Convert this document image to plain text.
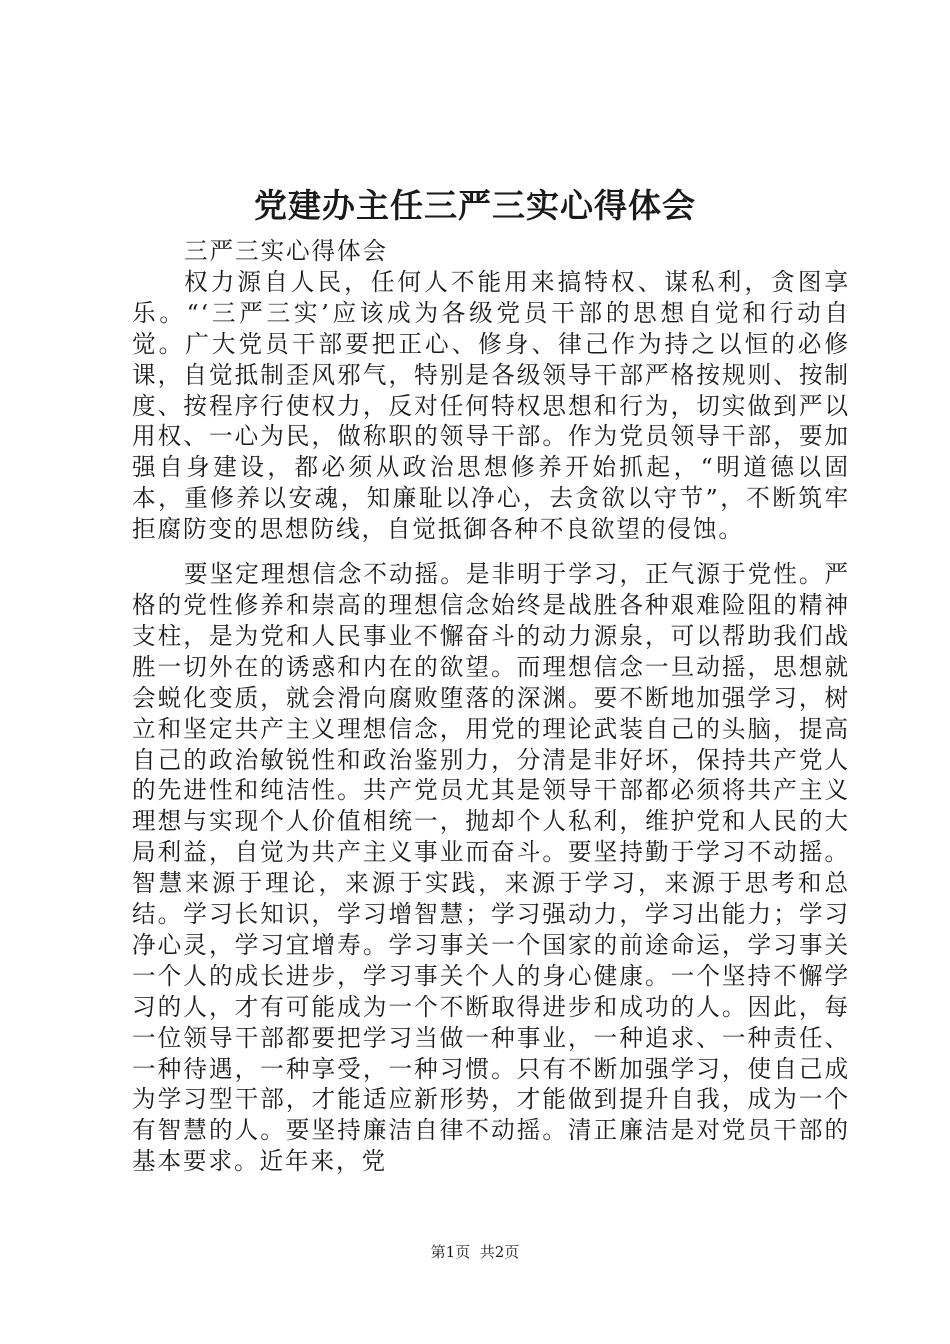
党建办主任三严三实心得体会

三严三实心得体会

权力源自人民，任何人不能用来搞特权、谋私利，贪图享乐。“‘三严三实’应该成为各级党员干部的思想自觉和行动自觉。广大党员干部要把正心、修身、律己作为持之以恒的必修课，自觉抵制歪风邪气，特别是各级领导干部严格按规则、按制度、按程序行使权力，反对任何特权思想和行为，切实做到严以用权、一心为民，做称职的领导干部。作为党员领导干部，要加强自身建设，都必须从政治思想修养开始抓起，“明道德以固本，重修养以安魂，知廉耻以净心，去贪欲以守节”，不断筑牢拒腐防变的思想防线，自觉抵御各种不良欲望的侵蚀。

要坚定理想信念不动摇。是非明于学习，正气源于党性。严格的党性修养和崇高的理想信念始终是战胜各种艰难险阻的精神支柱，是为党和人民事业不懈奋斗的动力源泉，可以帮助我们战胜一切外在的诱惑和内在的欲望。而理想信念一旦动摇，思想就会蜕化变质，就会滑向腐败堕落的深渊。要不断地加强学习，树立和坚定共产主义理想信念，用党的理论武装自己的头脑，提高自己的政治敏锐性和政治鉴别力，分清是非好坏，保持共产党人的先进性和纯洁性。共产党员尤其是领导干部都必须将共产主义理想与实现个人价值相统一，抛却个人私利，维护党和人民的大局利益，自觉为共产主义事业而奋斗。要坚持勤于学习不动摇。智慧来源于理论，来源于实践，来源于学习，来源于思考和总结。学习长知识，学习增智慧；学习强动力，学习出能力；学习净心灵，学习宜增寿。学习事关一个国家的前途命运，学习事关一个人的成长进步，学习事关个人的身心健康。一个坚持不懈学习的人，才有可能成为一个不断取得进步和成功的人。因此，每一位领导干部都要把学习当做一种事业，一种追求、一种责任、一种待遇，一种享受，一种习惯。只有不断加强学习，使自己成为学习型干部，才能适应新形势，才能做到提升自我，成为一个有智慧的人。要坚持廉洁自律不动摇。清正廉洁是对党员干部的基本要求。近年来，党

第1页 共2页
